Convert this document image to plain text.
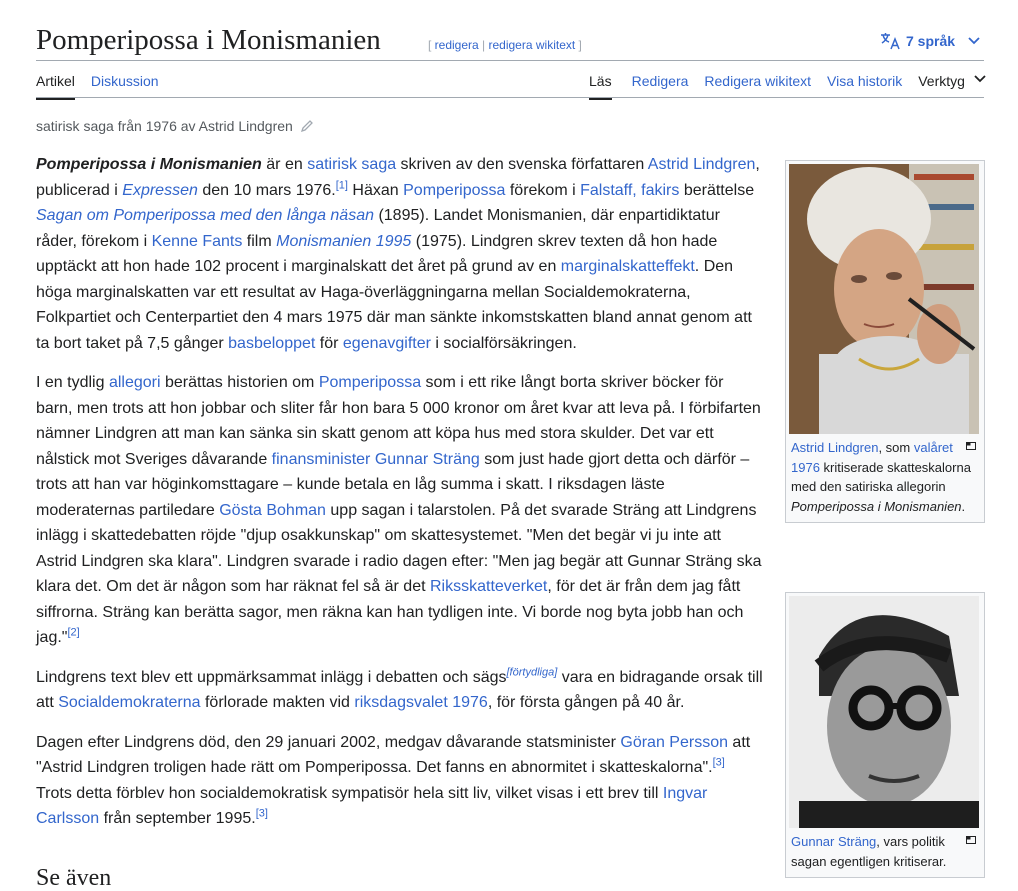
Pomperipossa i Monismanien	[ redigera | redigera wikitext ]	7 språk
Artikel Diskussion	Läs Redigera Redigera wikitext Visa historik Verktyg
satirisk saga från 1976 av Astrid Lindgren

Pomperipossa i Monismanien är en satirisk saga skriven av den svenska författaren Astrid Lindgren, publicerad i Expressen den 10 mars 1976.[1] Häxan Pomperipossa förekom i Falstaff, fakirs berättelse Sagan om Pomperipossa med den långa näsan (1895). Landet Monismanien, där enpartidiktatur råder, förekom i Kenne Fants film Monismanien 1995 (1975). Lindgren skrev texten då hon hade upptäckt att hon hade 102 procent i marginalskatt det året på grund av en marginalskatteffekt. Den höga marginalskatten var ett resultat av Haga-överläggningarna mellan Socialdemokraterna, Folkpartiet och Centerpartiet den 4 mars 1975 där man sänkte inkomstskatten bland annat genom att ta bort taket på 7,5 gånger basbeloppet för egenavgifter i socialförsäkringen.

I en tydlig allegori berättas historien om Pomperipossa som i ett rike långt borta skriver böcker för barn, men trots att hon jobbar och sliter får hon bara 5 000 kronor om året kvar att leva på. I förbifarten nämner Lindgren att man kan sänka sin skatt genom att köpa hus med stora skulder. Det var ett nålstick mot Sveriges dåvarande finansminister Gunnar Sträng som just hade gjort detta och därför – trots att han var höginkomsttagare – kunde betala en låg summa i skatt. I riksdagen läste moderaternas partiledare Gösta Bohman upp sagan i talarstolen. På det svarade Sträng att Lindgrens inlägg i skattedebatten röjde "djup osakkunskap" om skattesystemet. "Men det begär vi ju inte att Astrid Lindgren ska klara". Lindgren svarade i radio dagen efter: "Men jag begär att Gunnar Sträng ska klara det. Om det är någon som har räknat fel så är det Riksskatteverket, för det är från dem jag fått siffrorna. Sträng kan berätta sagor, men räkna kan han tydligen inte. Vi borde nog byta jobb han och jag."[2]

Lindgrens text blev ett uppmärksammat inlägg i debatten och sägs[förtydliga] vara en bidragande orsak till att Socialdemokraterna förlorade makten vid riksdagsvalet 1976, för första gången på 40 år.

Dagen efter Lindgrens död, den 29 januari 2002, medgav dåvarande statsminister Göran Persson att "Astrid Lindgren troligen hade rätt om Pomperipossa. Det fanns en abnormitet i skatteskalorna".[3] Trots detta förblev hon socialdemokratisk sympatisör hela sitt liv, vilket visas i ett brev till Ingvar Carlsson från september 1995.[3]

Astrid Lindgren, som valåret 1976 kritiserade skatteskalorna med den satiriska allegorin Pomperipossa i Monismanien.
Gunnar Sträng, vars politik sagan egentligen kritiserar.
Se även
